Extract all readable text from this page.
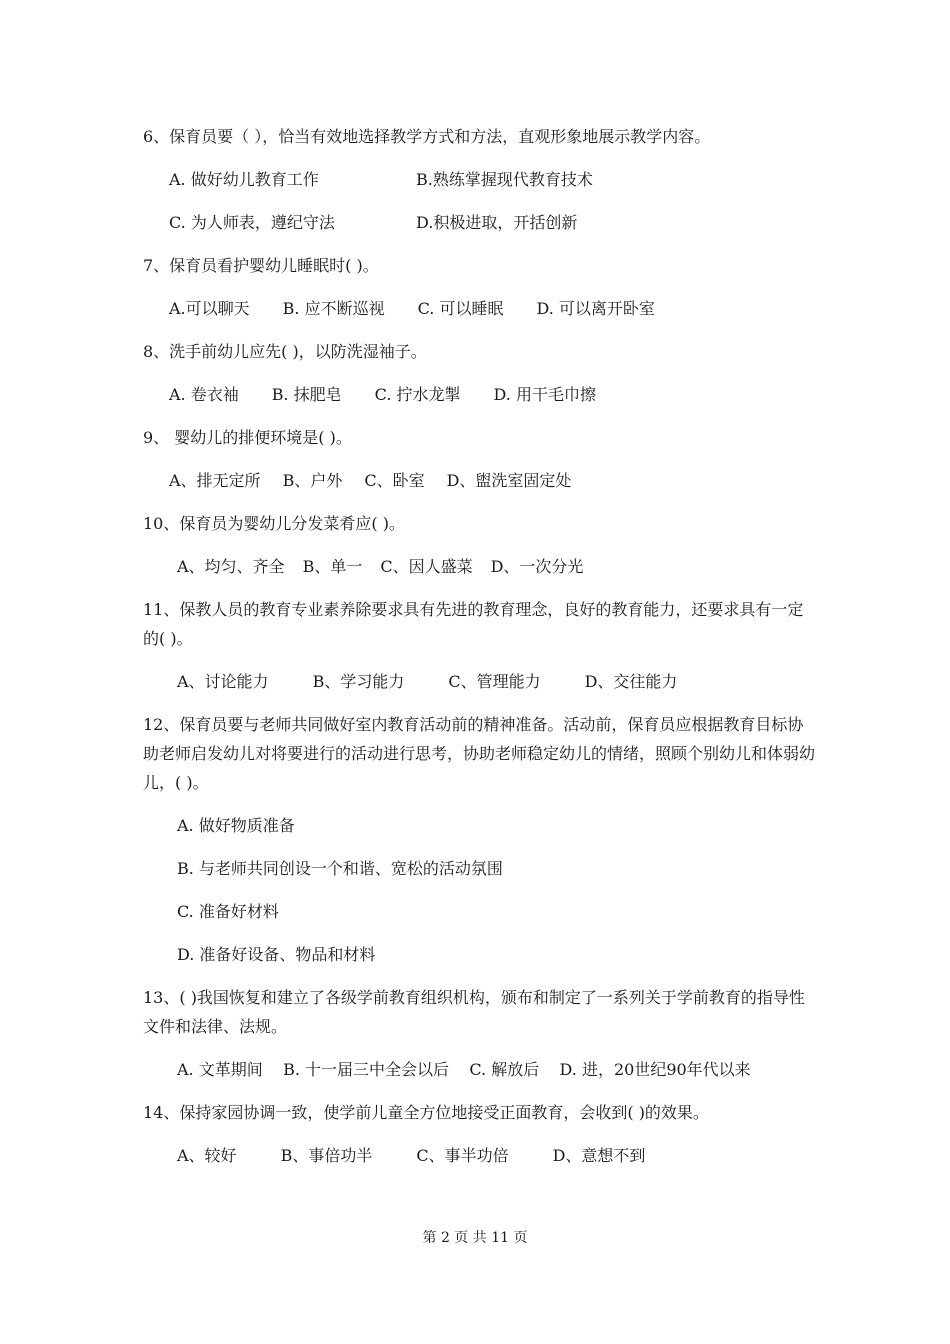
6、保育员要（ ），恰当有效地选择教学方式和方法，直观形象地展示教学内容。

A. 做好幼儿教育工作	B.熟练掌握现代教育技术
C. 为人师表，遵纪守法	D.积极进取，开括创新

7、保育员看护婴幼儿睡眠时( )。

A.可以聊天 B. 应不断巡视 C. 可以睡眠 D. 可以离开卧室

8、洗手前幼儿应先( )，以防洗湿袖子。

A. 卷衣袖 B. 抹肥皂 C. 拧水龙掣 D. 用干毛巾擦

9、 婴幼儿的排便环境是( )。

A、排无定所 B、户外 C、卧室 D、盥洗室固定处

10、保育员为婴幼儿分发菜肴应( )。

A、均匀、齐全 B、单一 C、因人盛菜 D、一次分光

11、保教人员的教育专业素养除要求具有先进的教育理念，良好的教育能力，还要求具有一定的( )。

A、讨论能力	B、学习能力	C、管理能力	D、交往能力

12、保育员要与老师共同做好室内教育活动前的精神准备。活动前，保育员应根据教育目标协助老师启发幼儿对将要进行的活动进行思考，协助老师稳定幼儿的情绪，照顾个别幼儿和体弱幼儿，( )。

A. 做好物质准备

B. 与老师共同创设一个和谐、宽松的活动氛围

C. 准备好材料

D. 准备好设备、物品和材料

13、( )我国恢复和建立了各级学前教育组织机构，颁布和制定了一系列关于学前教育的指导性文件和法律、法规。

A. 文革期间    B. 十一届三中全会以后    C. 解放后    D. 进，20世纪90年代以来

14、保持家园协调一致，使学前儿童全方位地接受正面教育，会收到( )的效果。

A、较好	B、事倍功半	C、事半功倍	D、意想不到
第 2 页 共 11 页
